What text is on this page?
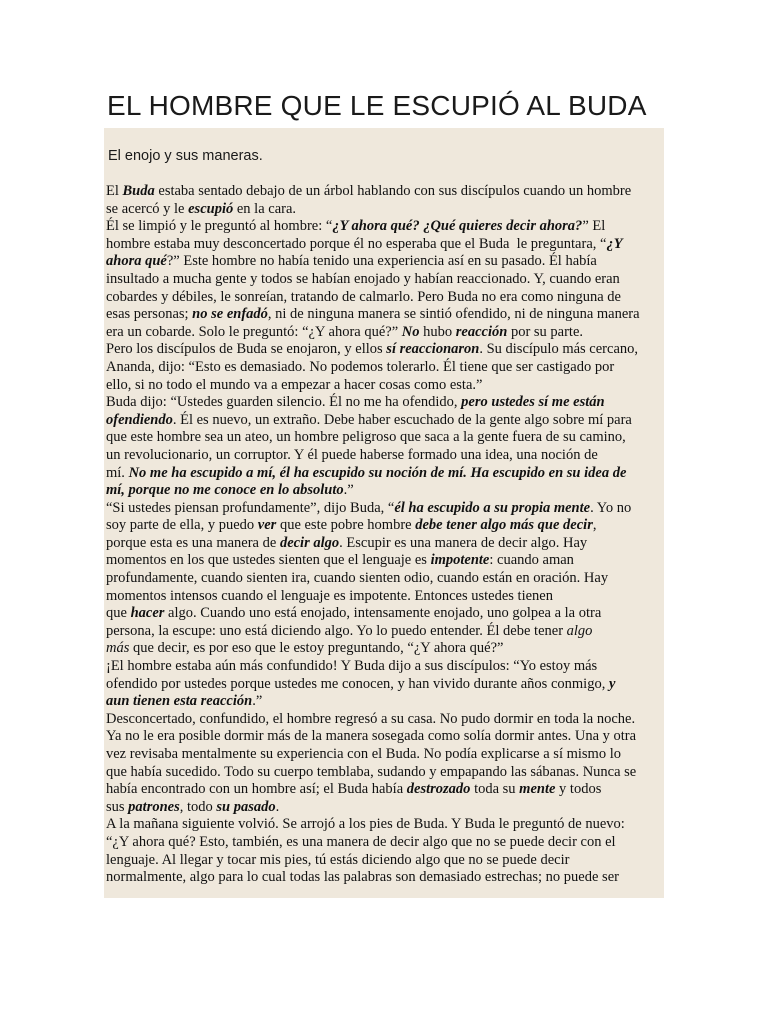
EL HOMBRE QUE LE ESCUPIÓ AL BUDA
El enojo y sus maneras.
El Buda estaba sentado debajo de un árbol hablando con sus discípulos cuando un hombre
se acercó y le escupió en la cara.
Él se limpió y le preguntó al hombre: “¿Y ahora qué? ¿Qué quieres decir ahora?” El
hombre estaba muy desconcertado porque él no esperaba que el Buda  le preguntara, “¿Y
ahora qué?” Este hombre no había tenido una experiencia así en su pasado. Él había
insultado a mucha gente y todos se habían enojado y habían reaccionado. Y, cuando eran
cobardes y débiles, le sonreían, tratando de calmarlo. Pero Buda no era como ninguna de
esas personas; no se enfadó, ni de ninguna manera se sintió ofendido, ni de ninguna manera
era un cobarde. Solo le preguntó: “¿Y ahora qué?” No hubo reacción por su parte.
Pero los discípulos de Buda se enojaron, y ellos sí reaccionaron. Su discípulo más cercano,
Ananda, dijo: “Esto es demasiado. No podemos tolerarlo. Él tiene que ser castigado por
ello, si no todo el mundo va a empezar a hacer cosas como esta.”
Buda dijo: “Ustedes guarden silencio. Él no me ha ofendido, pero ustedes sí me están
ofendiendo. Él es nuevo, un extraño. Debe haber escuchado de la gente algo sobre mí para
que este hombre sea un ateo, un hombre peligroso que saca a la gente fuera de su camino,
un revolucionario, un corruptor. Y él puede haberse formado una idea, una noción de
mí. No me ha escupido a mí, él ha escupido su noción de mí. Ha escupido en su idea de
mí, porque no me conoce en lo absoluto.”
“Si ustedes piensan profundamente”, dijo Buda, “él ha escupido a su propia mente. Yo no
soy parte de ella, y puedo ver que este pobre hombre debe tener algo más que decir,
porque esta es una manera de decir algo. Escupir es una manera de decir algo. Hay
momentos en los que ustedes sienten que el lenguaje es impotente: cuando aman
profundamente, cuando sienten ira, cuando sienten odio, cuando están en oración. Hay
momentos intensos cuando el lenguaje es impotente. Entonces ustedes tienen
que hacer algo. Cuando uno está enojado, intensamente enojado, uno golpea a la otra
persona, la escupe: uno está diciendo algo. Yo lo puedo entender. Él debe tener algo
más que decir, es por eso que le estoy preguntando, “¿Y ahora qué?”
¡El hombre estaba aún más confundido! Y Buda dijo a sus discípulos: “Yo estoy más
ofendido por ustedes porque ustedes me conocen, y han vivido durante años conmigo, y
aun tienen esta reacción.”
Desconcertado, confundido, el hombre regresó a su casa. No pudo dormir en toda la noche.
Ya no le era posible dormir más de la manera sosegada como solía dormir antes. Una y otra
vez revisaba mentalmente su experiencia con el Buda. No podía explicarse a sí mismo lo
que había sucedido. Todo su cuerpo temblaba, sudando y empapando las sábanas. Nunca se
había encontrado con un hombre así; el Buda había destrozado toda su mente y todos
sus patrones, todo su pasado.
A la mañana siguiente volvió. Se arrojó a los pies de Buda. Y Buda le preguntó de nuevo:
“¿Y ahora qué? Esto, también, es una manera de decir algo que no se puede decir con el
lenguaje. Al llegar y tocar mis pies, tú estás diciendo algo que no se puede decir
normalmente, algo para lo cual todas las palabras son demasiado estrechas; no puede ser
